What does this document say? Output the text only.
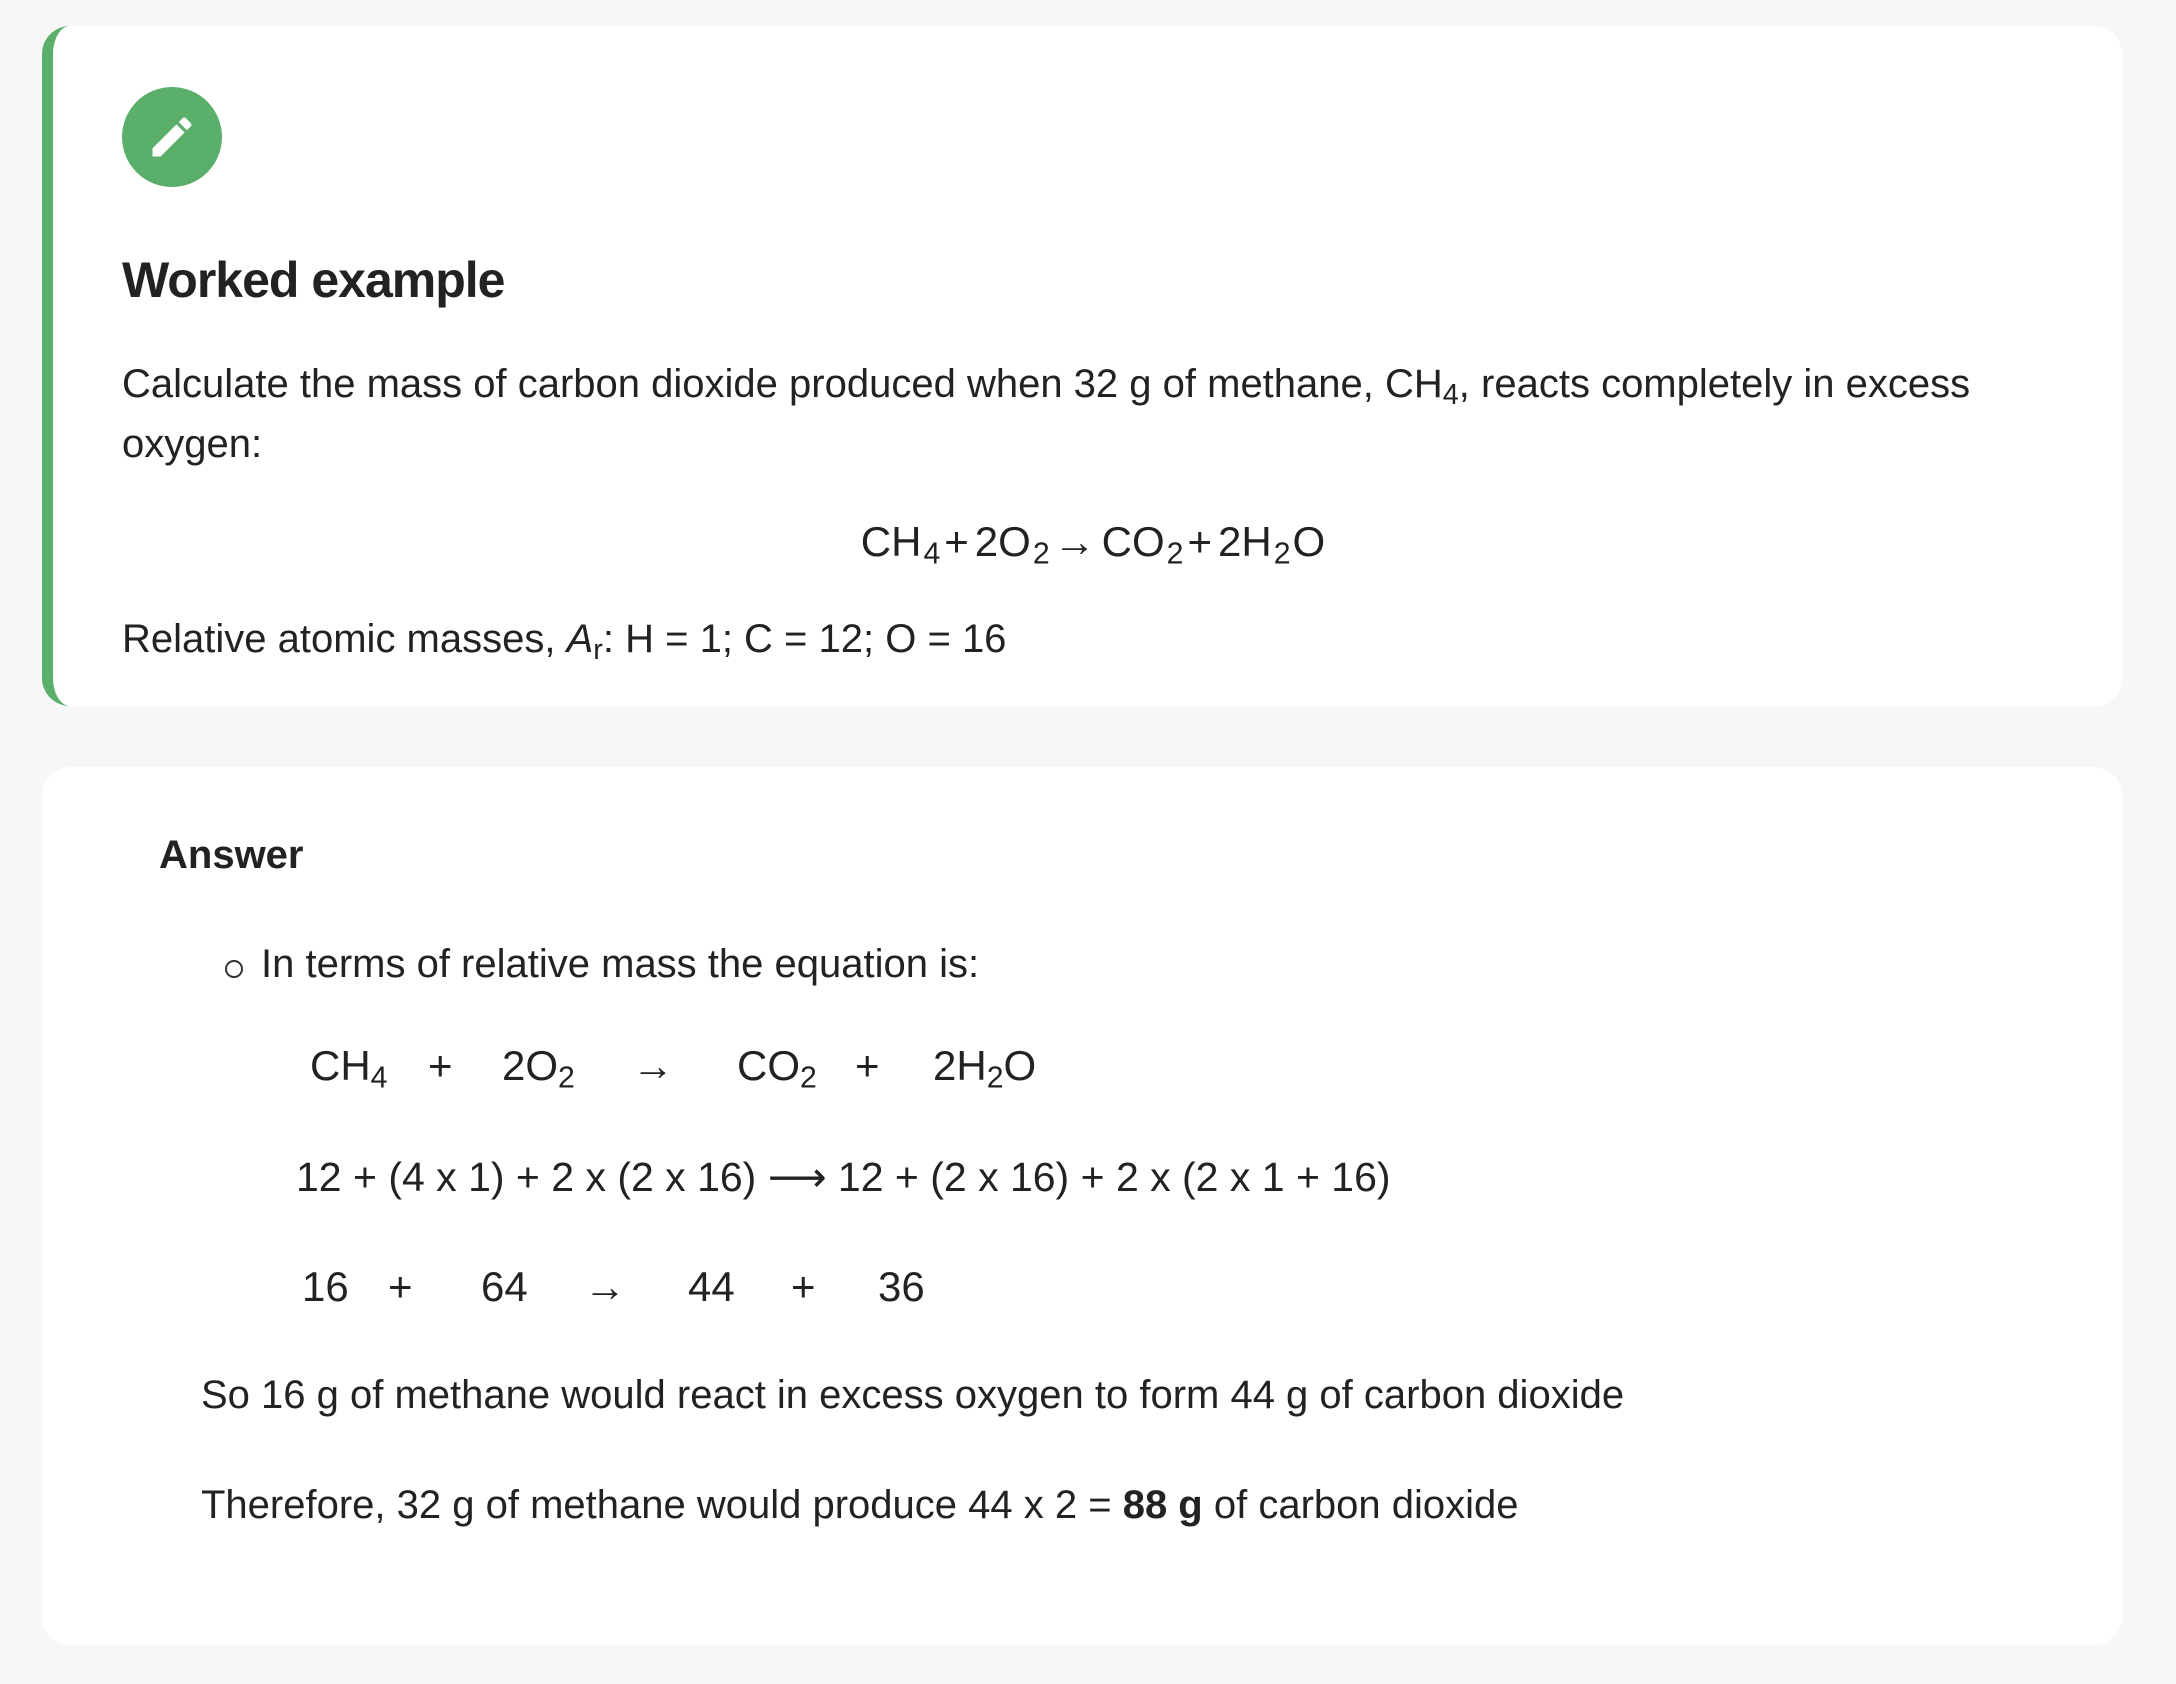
Worked example

Calculate the mass of carbon dioxide produced when 32 g of methane, $CH_4$, reacts completely in excess oxygen:

$CH_4+ 2O_2\to CO_2+ 2H_2O$

Relative atomic masses, $A_r$: H = 1; C = 12; O = 16

Answer

In terms of relative mass the equation is:

$CH_4 + 2O_2 \to CO_2 + 2H_2O$
12 + (4 x 1) + 2 x (2 x 16) ⟶ 12 + (2 x 16) + 2 x (2 x 1 + 16)
16 + 64 → 44 + 36

So 16 g of methane would react in excess oxygen to form 44 g of carbon dioxide

Therefore, 32 g of methane would produce 44 x 2 = 88 g of carbon dioxide
